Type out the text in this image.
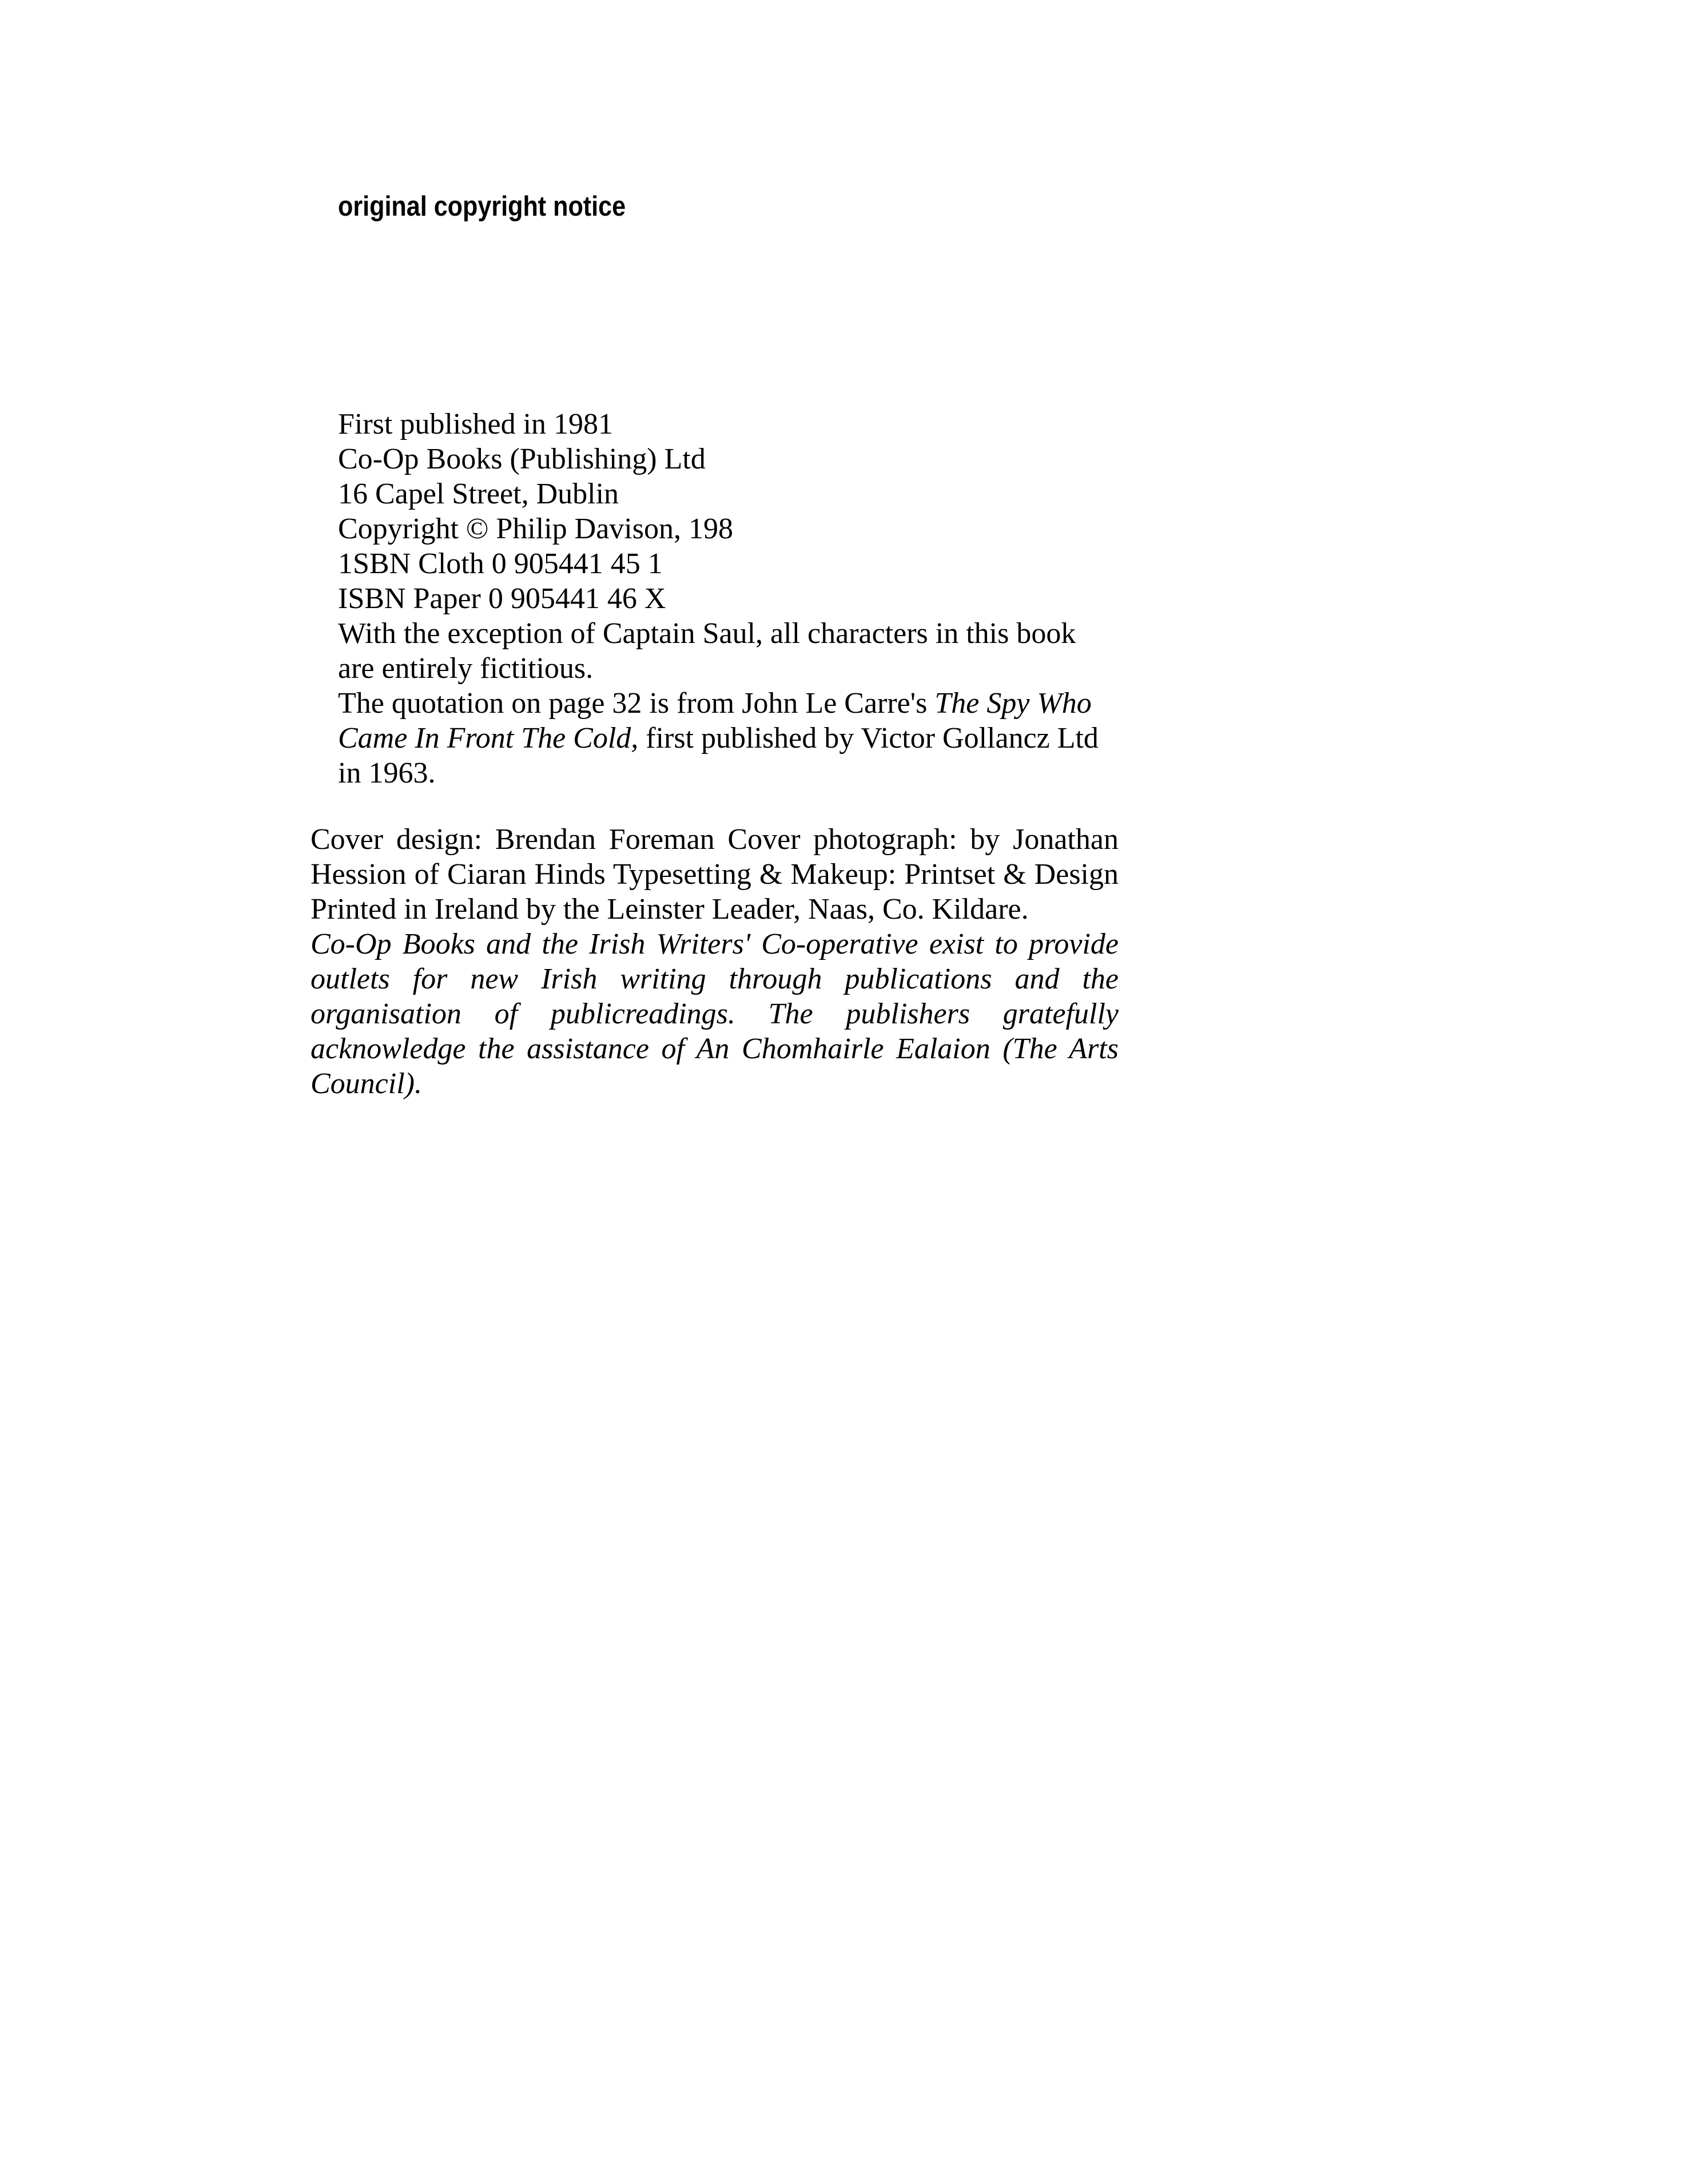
original copyright notice
First published in 1981
Co-Op Books (Publishing) Ltd
16 Capel Street, Dublin
Copyright © Philip Davison, 198
1SBN Cloth 0 905441 45 1
ISBN Paper 0 905441 46 X
With the exception of Captain Saul, all characters in this book
are entirely fictitious.
The quotation on page 32 is from John Le Carre's The Spy Who
Came In Front The Cold, first published by Victor Gollancz Ltd
in 1963.

Cover design: Brendan Foreman Cover photograph: by Jonathan Hession of Ciaran Hinds Typesetting & Makeup: Printset & Design Printed in Ireland by the Leinster Leader, Naas, Co. Kildare.

Co-Op Books and the Irish Writers' Co-operative exist to provide outlets for new Irish writing through publications and the organisation of publicreadings. The publishers gratefully acknowledge the assistance of An Chomhairle Ealaion (The Arts Council).
